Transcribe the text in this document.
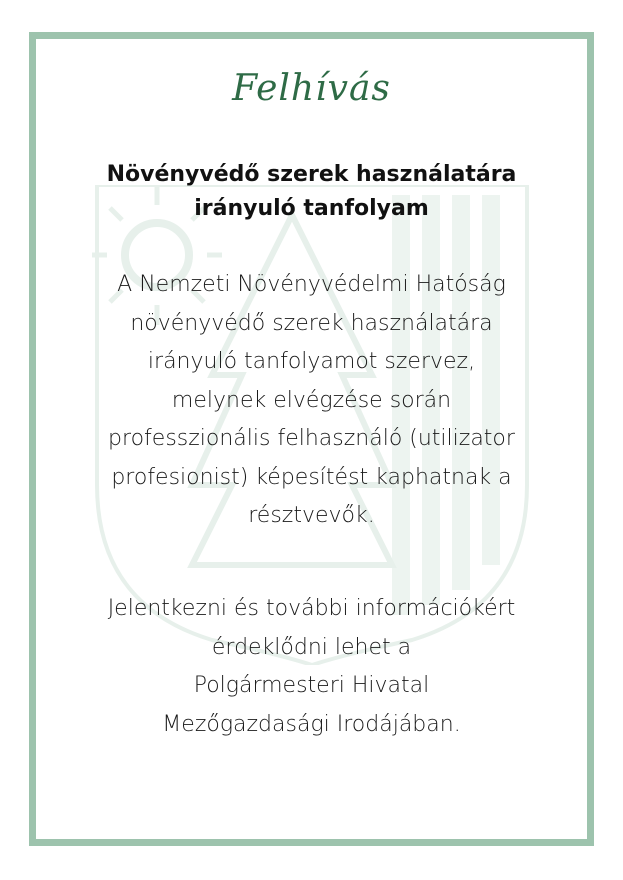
Felhívás
Növényvédő szerek használatára
irányuló tanfolyam
A Nemzeti Növényvédelmi Hatóság
növényvédő szerek használatára
irányuló tanfolyamot szervez,
melynek elvégzése során
professzionális felhasználó (utilizator
profesionist) képesítést kaphatnak a
résztvevők.
Jelentkezni és további információkért
érdeklődni lehet a
Polgármesteri Hivatal
Mezőgazdasági Irodájában.
